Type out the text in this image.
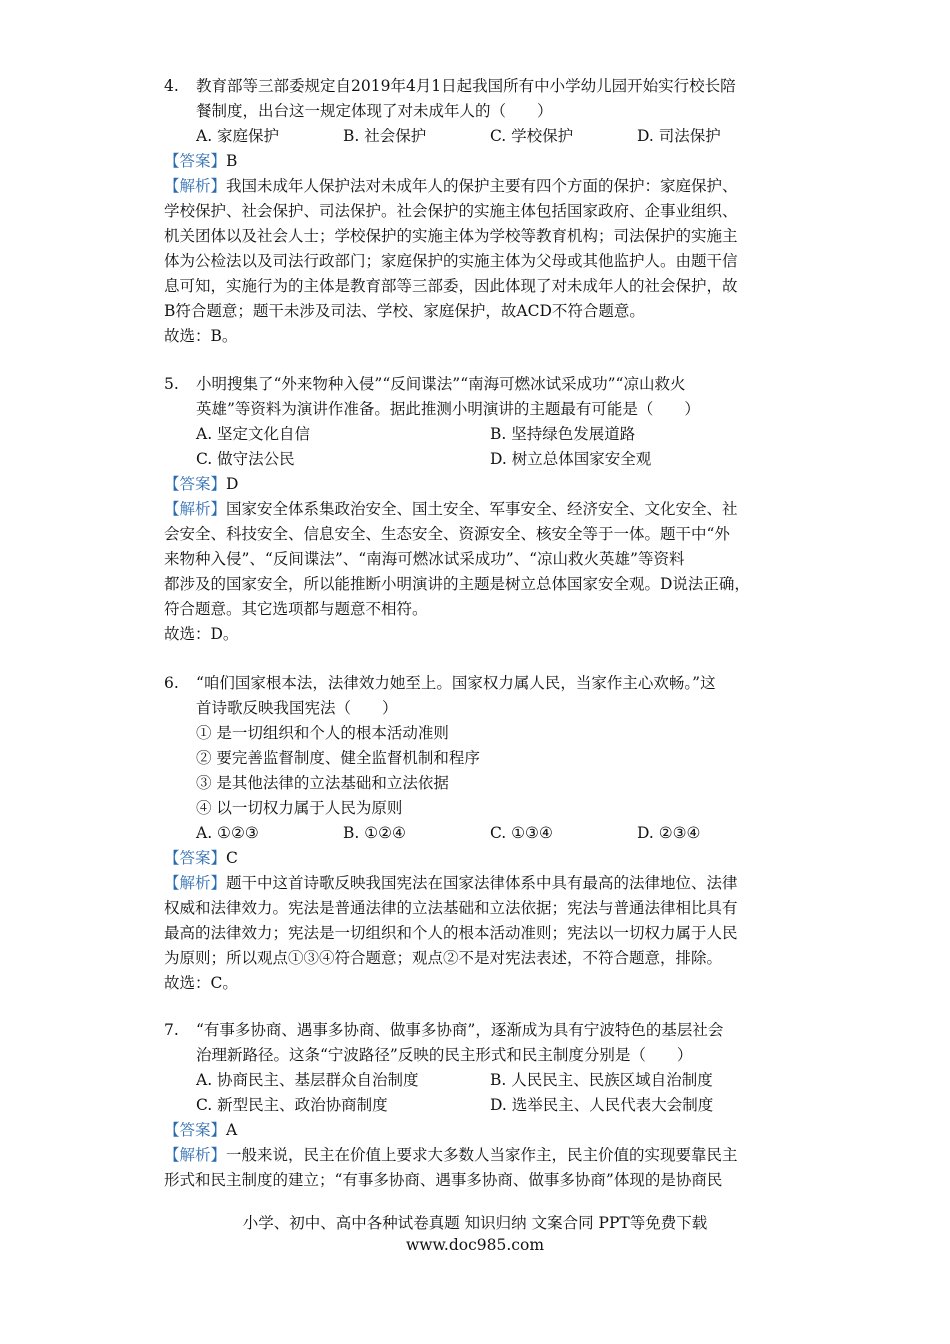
4. 教育部等三部委规定自2019年4月1日起我国所有中小学幼儿园开始实行校长陪
餐制度，出台这一规定体现了对未成年人的（　　）
A. 家庭保护	B. 社会保护	C. 学校保护	D. 司法保护
【答案】B
【解析】我国未成年人保护法对未成年人的保护主要有四个方面的保护：家庭保护、
学校保护、社会保护、司法保护。社会保护的实施主体包括国家政府、企事业组织、
机关团体以及社会人士；学校保护的实施主体为学校等教育机构；司法保护的实施主
体为公检法以及司法行政部门；家庭保护的实施主体为父母或其他监护人。由题干信
息可知，实施行为的主体是教育部等三部委，因此体现了对未成年人的社会保护，故
B符合题意；题干未涉及司法、学校、家庭保护，故ACD不符合题意。
故选：B。
5. 小明搜集了“外来物种入侵”“反间谍法”“南海可燃冰试采成功”“凉山救火
英雄”等资料为演讲作准备。据此推测小明演讲的主题最有可能是（　　）
A. 坚定文化自信	B. 坚持绿色发展道路
C. 做守法公民	D. 树立总体国家安全观
【答案】D
【解析】国家安全体系集政治安全、国土安全、军事安全、经济安全、文化安全、社
会安全、科技安全、信息安全、生态安全、资源安全、核安全等于一体。题干中“外
来物种入侵”、“反间谍法”、“南海可燃冰试采成功”、“凉山救火英雄”等资料
都涉及的国家安全，所以能推断小明演讲的主题是树立总体国家安全观。D说法正确，
符合题意。其它选项都与题意不相符。
故选：D。
6. “咱们国家根本法，法律效力她至上。国家权力属人民，当家作主心欢畅。”这
首诗歌反映我国宪法（　　）
① 是一切组织和个人的根本活动准则
② 要完善监督制度、健全监督机制和程序
③ 是其他法律的立法基础和立法依据
④ 以一切权力属于人民为原则
A. ①②③	B. ①②④	C. ①③④	D. ②③④
【答案】C
【解析】题干中这首诗歌反映我国宪法在国家法律体系中具有最高的法律地位、法律
权威和法律效力。宪法是普通法律的立法基础和立法依据；宪法与普通法律相比具有
最高的法律效力；宪法是一切组织和个人的根本活动准则；宪法以一切权力属于人民
为原则；所以观点①③④符合题意；观点②不是对宪法表述，不符合题意，排除。
故选：C。
7. “有事多协商、遇事多协商、做事多协商”，逐渐成为具有宁波特色的基层社会
治理新路径。这条“宁波路径”反映的民主形式和民主制度分别是（　　）
A. 协商民主、基层群众自治制度	B. 人民民主、民族区域自治制度
C. 新型民主、政治协商制度	D. 选举民主、人民代表大会制度
【答案】A
【解析】一般来说，民主在价值上要求大多数人当家作主，民主价值的实现要靠民主
形式和民主制度的建立；“有事多协商、遇事多协商、做事多协商”体现的是协商民
小学、初中、高中各种试卷真题 知识归纳 文案合同 PPT等免费下载
www.doc985.com
